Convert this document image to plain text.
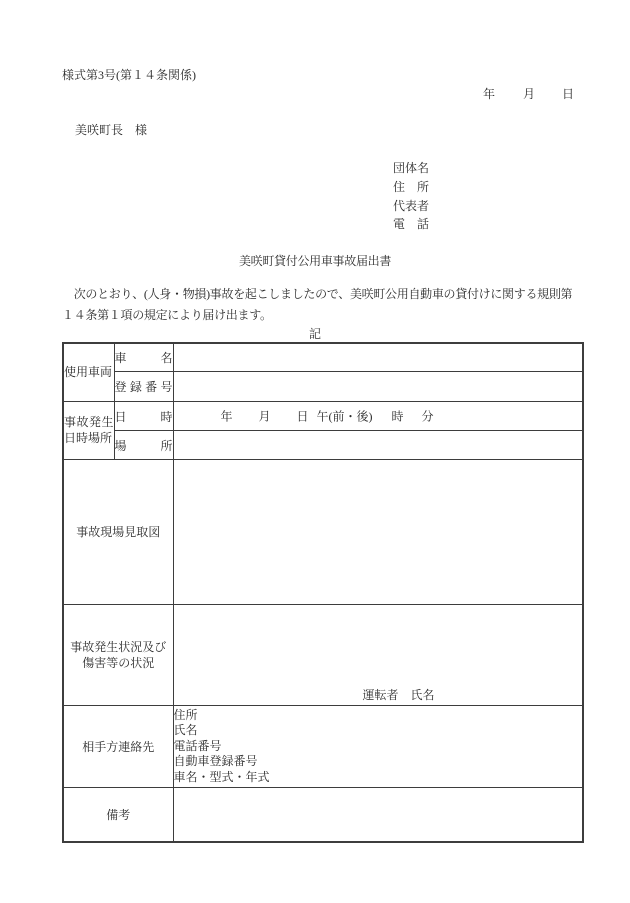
様式第3号(第１４条関係)
年 月 日
美咲町長　様
団体名
住　所
代表者
電　話
美咲町貸付公用車事故届出書
　次のとおり、(人身・物損)事故を起こしましたので、美咲町公用自動車の貸付けに関する規則第
１４条第１項の規定により届け出ます。
記
使用車両	車名	
	登録番号	
事故発生日時場所	日時	年 月 日 午(前・後) 時 分

	場所	
事故現場見取図		

事故発生状況及び
傷害等の状況		運転者　氏名

相手方連絡先		住所
氏名
電話番号
自動車登録番号
車名・型式・年式

備考		
